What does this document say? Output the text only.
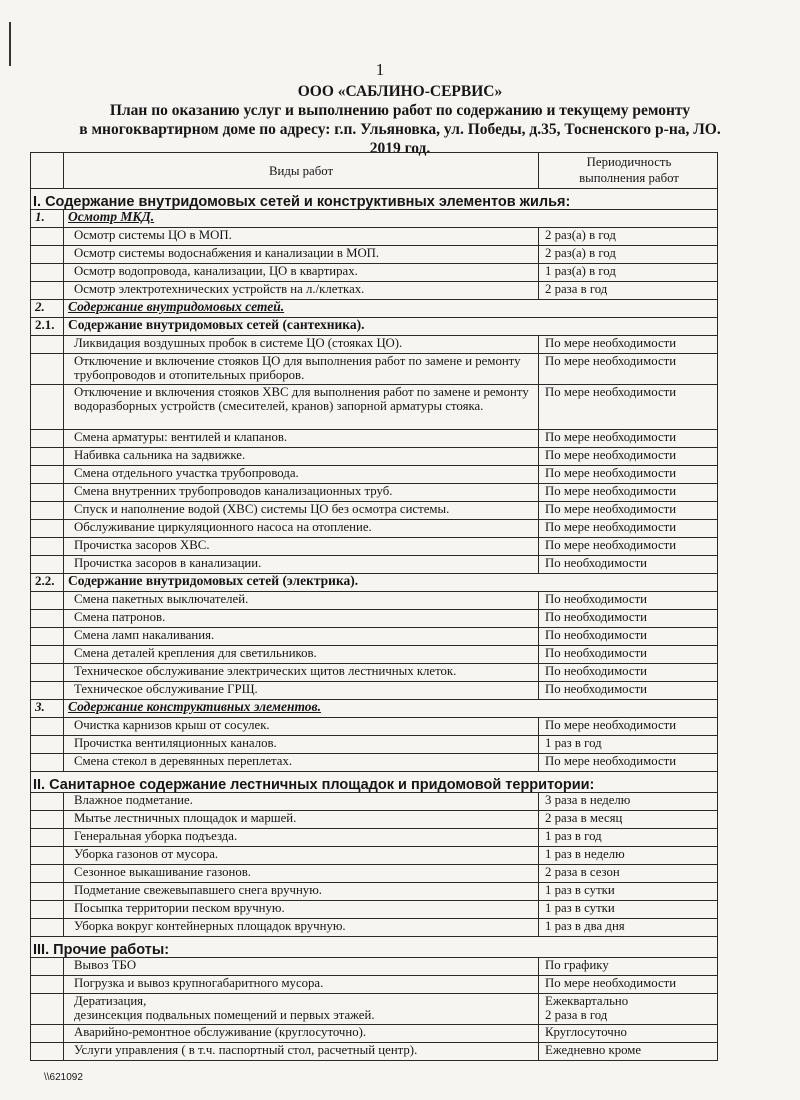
1
ООО «САБЛИНО-СЕРВИС»
План по оказанию услуг и выполнению работ по содержанию и текущему ремонту
в многоквартирном доме по адресу: г.п. Ульяновка, ул. Победы, д.35, Тосненского р-на, ЛО.
2019 год.
	Виды работ	Периодичность
выполнения работ

I. Содержание внутридомовых сетей и конструктивных элементов жилья:		
1.	Осмотр МКД.	
	Осмотр системы ЦО в МОП.	2 раз(а) в год
	Осмотр системы водоснабжения и канализации в МОП.	2 раз(а) в год
	Осмотр водопровода, канализации, ЦО в квартирах.	1 раз(а) в год
	Осмотр электротехнических устройств на л./клетках.	2 раза в год
2.	Содержание внутридомовых сетей.	
2.1.	Содержание внутридомовых сетей (сантехника).	
	Ликвидация воздушных пробок в системе ЦО (стояках ЦО).	По мере необходимости
	Отключение и включение стояков ЦО для выполнения работ по замене и ремонту трубопроводов и отопительных приборов.	По мере необходимости
	Отключение и включения стояков ХВС для выполнения работ по замене и ремонту водоразборных устройств (смесителей, кранов) запорной арматуры стояка.	По мере необходимости
	Смена арматуры: вентилей и клапанов.	По мере необходимости
	Набивка сальника на задвижке.	По мере необходимости
	Смена отдельного участка трубопровода.	По мере необходимости
	Смена внутренних трубопроводов канализационных труб.	По мере необходимости
	Спуск и наполнение водой (ХВС) системы ЦО без осмотра системы.	По мере необходимости
	Обслуживание циркуляционного насоса на отопление.	По мере необходимости
	Прочистка засоров ХВС.	По мере необходимости
	Прочистка засоров в канализации.	По необходимости
2.2.	Содержание внутридомовых сетей (электрика).	
	Смена пакетных выключателей.	По необходимости
	Смена патронов.	По необходимости
	Смена ламп накаливания.	По необходимости
	Смена деталей крепления для светильников.	По необходимости
	Техническое обслуживание электрических щитов лестничных клеток.	По необходимости
	Техническое обслуживание ГРЩ.	По необходимости
3.	Содержание конструктивных элементов.	
	Очистка карнизов крыш от сосулек.	По мере необходимости
	Прочистка вентиляционных каналов.	1 раз в год
	Смена стекол в деревянных переплетах.	По мере необходимости
II. Санитарное содержание лестничных площадок и придомовой территории:		
	Влажное подметание.	3 раза в неделю
	Мытье лестничных площадок и маршей.	2 раза в месяц
	Генеральная уборка подъезда.	1 раз в год
	Уборка газонов от мусора.	1 раз в неделю
	Сезонное выкашивание газонов.	2 раза в сезон
	Подметание свежевыпавшего снега вручную.	1 раз в сутки
	Посыпка территории песком вручную.	1 раз в сутки
	Уборка вокруг контейнерных площадок вручную.	1 раз в два дня
III. Прочие работы:		
	Вывоз ТБО	По графику
	Погрузка и вывоз крупногабаритного мусора.	По мере необходимости
	Дератизация,
дезинсекция подвальных помещений и первых этажей.	Ежеквартально
2 раза в год
	Аварийно-ремонтное обслуживание (круглосуточно).	Круглосуточно
	Услуги управления ( в т.ч. паспортный стол, расчетный центр).	Ежедневно кроме
\\621092
